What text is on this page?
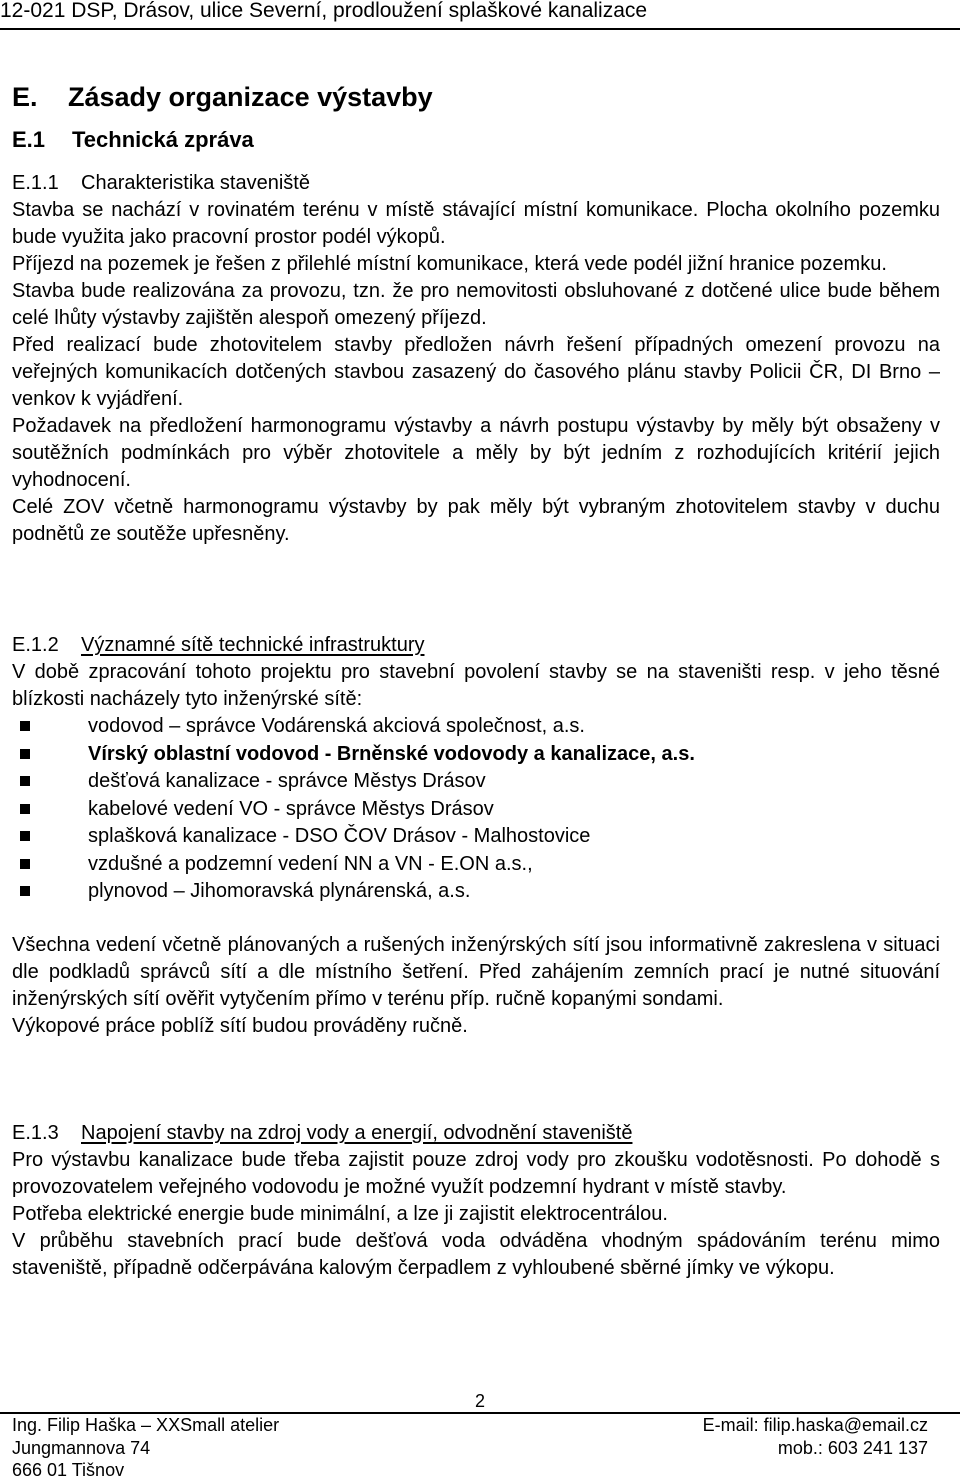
12-021 DSP, Drásov, ulice Severní, prodloužení splaškové kanalizace
E. Zásady organizace výstavby
E.1 Technická zpráva
E.1.1 Charakteristika staveniště

Stavba se nachází v rovinatém terénu v místě stávající místní komunikace. Plocha okolního pozemku bude využita jako pracovní prostor podél výkopů.

Příjezd na pozemek je řešen z přilehlé místní komunikace, která vede podél jižní hranice pozemku.

Stavba bude realizována za provozu, tzn. že pro nemovitosti obsluhované z dotčené ulice bude během celé lhůty výstavby zajištěn alespoň omezený příjezd.

Před realizací bude zhotovitelem stavby předložen návrh řešení případných omezení provozu na veřejných komunikacích dotčených stavbou zasazený do časového plánu stavby Policii ČR, DI Brno – venkov k vyjádření.

Požadavek na předložení harmonogramu výstavby a návrh postupu výstavby by měly být obsaženy v soutěžních podmínkách pro výběr zhotovitele a měly by být jedním z rozhodujících kritérií jejich vyhodnocení.

Celé ZOV včetně harmonogramu výstavby by pak měly být vybraným zhotovitelem stavby v duchu podnětů ze soutěže upřesněny.

E.1.2 Významné sítě technické infrastruktury

V době zpracování tohoto projektu pro stavební povolení stavby se na staveništi resp. v jeho těsné blízkosti nacházely tyto inženýrské sítě:

vodovod – správce Vodárenská akciová společnost, a.s.
Vírský oblastní vodovod - Brněnské vodovody a kanalizace, a.s.
dešťová kanalizace - správce Městys Drásov
kabelové vedení VO - správce Městys Drásov
splašková kanalizace - DSO ČOV Drásov - Malhostovice
vzdušné a podzemní vedení NN a VN - E.ON a.s.,
plynovod – Jihomoravská plynárenská, a.s.

Všechna vedení včetně plánovaných a rušených inženýrských sítí jsou informativně zakreslena v situaci dle podkladů správců sítí a dle místního šetření. Před zahájením zemních prací je nutné situování inženýrských sítí ověřit vytyčením přímo v terénu příp. ručně kopanými sondami.

Výkopové práce poblíž sítí budou prováděny ručně.

E.1.3 Napojení stavby na zdroj vody a energií, odvodnění staveniště

Pro výstavbu kanalizace bude třeba zajistit pouze zdroj vody pro zkoušku vodotěsnosti. Po dohodě s provozovatelem veřejného vodovodu je možné využít podzemní hydrant v místě stavby.

Potřeba elektrické energie bude minimální, a lze ji zajistit elektrocentrálou.

V průběhu stavebních prací bude dešťová voda odváděna vhodným spádováním terénu mimo staveniště, případně odčerpávána kalovým čerpadlem z vyhloubené sběrné jímky ve výkopu.

2
Ing. Filip Haška – XXSmall atelier
Jungmannova 74
666 01 Tišnov
E-mail: filip.haska@email.cz
mob.: 603 241 137
